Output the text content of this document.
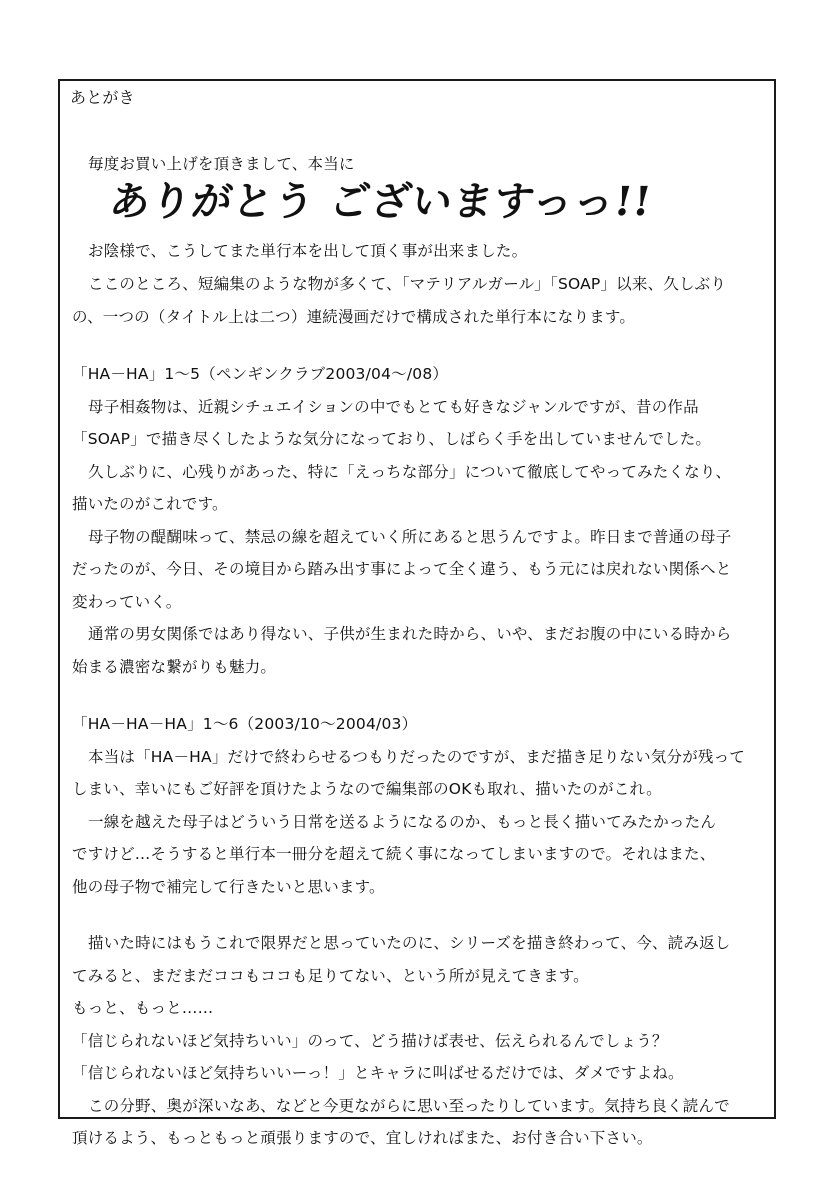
あとがき
毎度お買い上げを頂きまして、本当に
ありがとう ございますっっ!!
お陰様で、こうしてまた単行本を出して頂く事が出来ました。
ここのところ、短編集のような物が多くて、「マテリアルガール」「SOAP」以来、久しぶり
の、一つの（タイトル上は二つ）連続漫画だけで構成された単行本になります。
「HA－HA」1～5（ペンギンクラブ2003/04～/08）
母子相姦物は、近親シチュエイションの中でもとても好きなジャンルですが、昔の作品
「SOAP」で描き尽くしたような気分になっており、しばらく手を出していませんでした。
久しぶりに、心残りがあった、特に「えっちな部分」について徹底してやってみたくなり、
描いたのがこれです。
母子物の醍醐味って、禁忌の線を超えていく所にあると思うんですよ。昨日まで普通の母子
だったのが、今日、その境目から踏み出す事によって全く違う、もう元には戻れない関係へと
変わっていく。
通常の男女関係ではあり得ない、子供が生まれた時から、いや、まだお腹の中にいる時から
始まる濃密な繋がりも魅力。
「HA－HA－HA」1～6（2003/10～2004/03）
本当は「HA－HA」だけで終わらせるつもりだったのですが、まだ描き足りない気分が残って
しまい、幸いにもご好評を頂けたようなので編集部のOKも取れ、描いたのがこれ。
一線を越えた母子はどういう日常を送るようになるのか、もっと長く描いてみたかったん
ですけど…そうすると単行本一冊分を超えて続く事になってしまいますので。それはまた、
他の母子物で補完して行きたいと思います。
描いた時にはもうこれで限界だと思っていたのに、シリーズを描き終わって、今、読み返し
てみると、まだまだココもココも足りてない、という所が見えてきます。
もっと、もっと……
「信じられないほど気持ちいい」のって、どう描けば表せ、伝えられるんでしょう？
「信じられないほど気持ちいいーっ！」とキャラに叫ばせるだけでは、ダメですよね。
この分野、奥が深いなあ、などと今更ながらに思い至ったりしています。気持ち良く読んで
頂けるよう、もっともっと頑張りますので、宜しければまた、お付き合い下さい。
